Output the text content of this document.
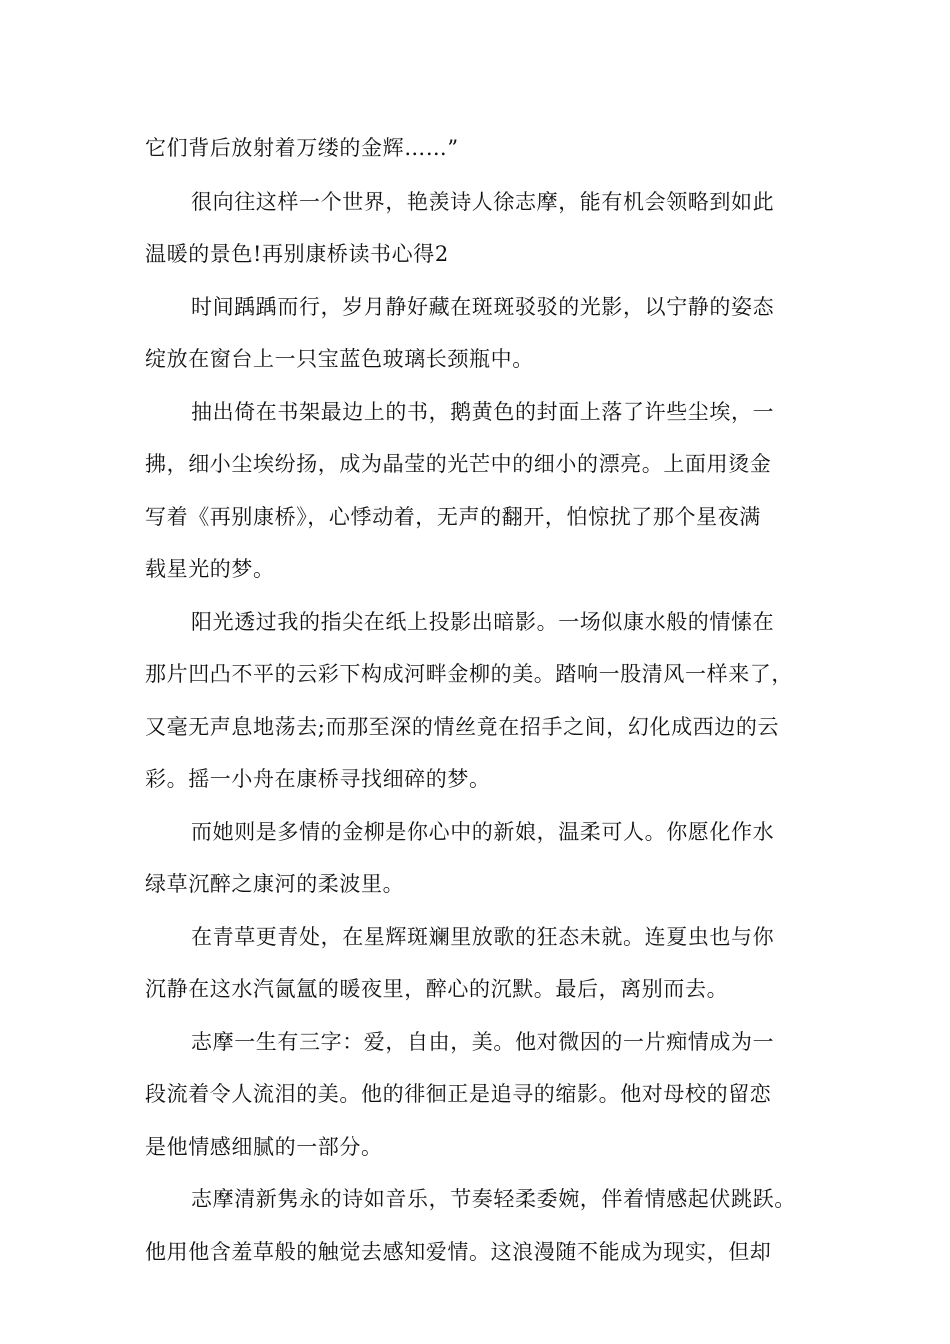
它们背后放射着万缕的金辉……”
很向往这样一个世界，艳羡诗人徐志摩，能有机会领略到如此
温暖的景色!再别康桥读书心得2
时间踽踽而行，岁月静好藏在斑斑驳驳的光影，以宁静的姿态
绽放在窗台上一只宝蓝色玻璃长颈瓶中。
抽出倚在书架最边上的书，鹅黄色的封面上落了许些尘埃，一
拂，细小尘埃纷扬，成为晶莹的光芒中的细小的漂亮。上面用烫金
写着《再别康桥》，心悸动着，无声的翻开，怕惊扰了那个星夜满
载星光的梦。
阳光透过我的指尖在纸上投影出暗影。一场似康水般的情愫在
那片凹凸不平的云彩下构成河畔金柳的美。踏响一股清风一样来了，
又毫无声息地荡去;而那至深的情丝竟在招手之间，幻化成西边的云
彩。摇一小舟在康桥寻找细碎的梦。
而她则是多情的金柳是你心中的新娘，温柔可人。你愿化作水
绿草沉醉之康河的柔波里。
在青草更青处，在星辉斑斓里放歌的狂态未就。连夏虫也与你
沉静在这水汽氤氲的暖夜里，醉心的沉默。最后，离别而去。
志摩一生有三字：爱，自由，美。他对微因的一片痴情成为一
段流着令人流泪的美。他的徘徊正是追寻的缩影。他对母校的留恋
是他情感细腻的一部分。
志摩清新隽永的诗如音乐，节奏轻柔委婉，伴着情感起伏跳跃。
他用他含羞草般的触觉去感知爱情。这浪漫随不能成为现实，但却
